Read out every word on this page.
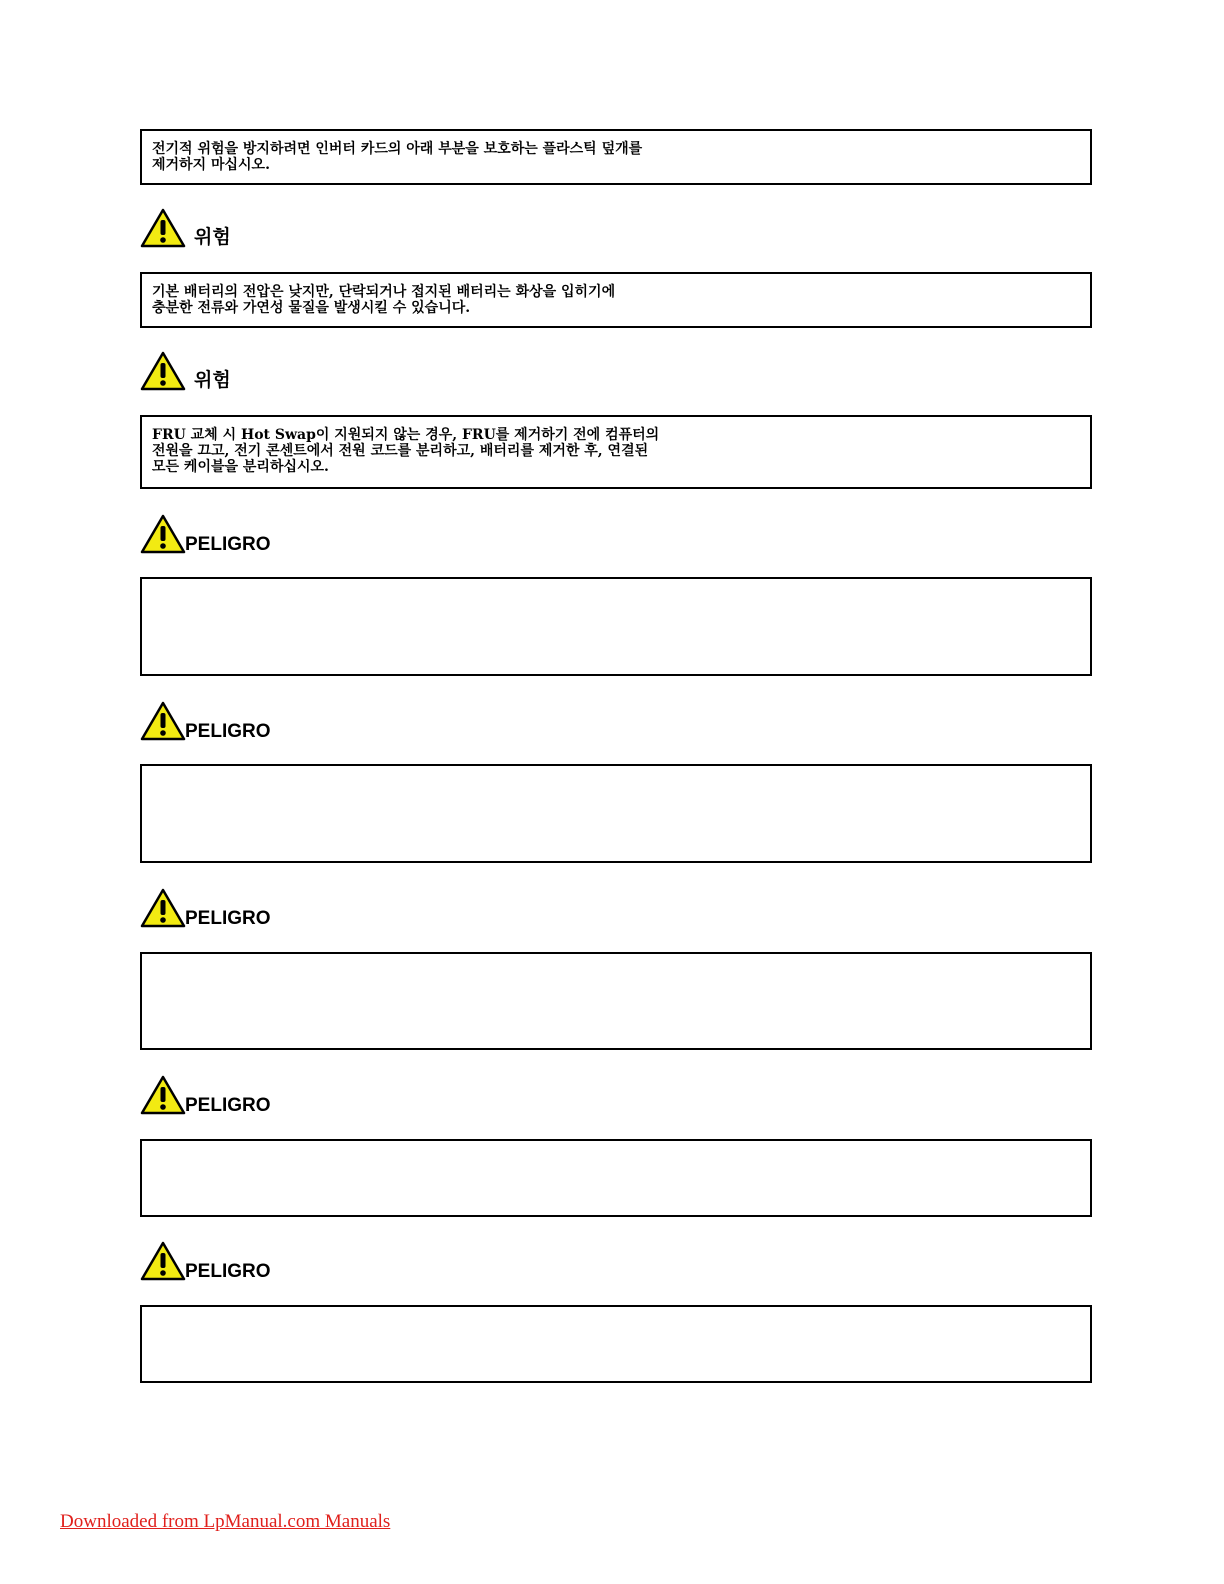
전기적 위험을 방지하려면 인버터 카드의 아래 부분을 보호하는 플라스틱 덮개를
제거하지 마십시오.
위험
기본 배터리의 전압은 낮지만, 단락되거나 접지된 배터리는 화상을 입히기에
충분한 전류와 가연성 물질을 발생시킬 수 있습니다.
위험
FRU 교체 시 Hot Swap이 지원되지 않는 경우, FRU를 제거하기 전에 컴퓨터의
전원을 끄고, 전기 콘센트에서 전원 코드를 분리하고, 배터리를 제거한 후, 연결된
모든 케이블을 분리하십시오.
PELIGRO
PELIGRO
PELIGRO
PELIGRO
PELIGRO
Downloaded from LpManual.com Manuals
